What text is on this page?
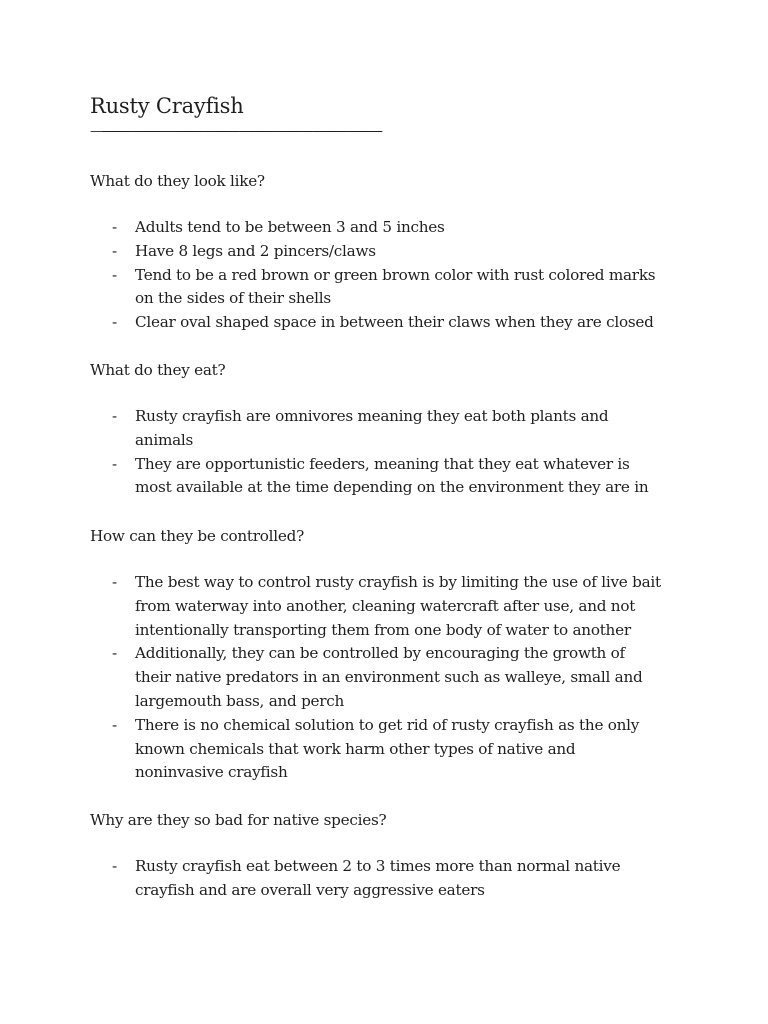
Rusty Crayfish
—--------------------------------------------------------------------------------------------
What do they look like?
- Adults tend to be between 3 and 5 inches
- Have 8 legs and 2 pincers/claws
- Tend to be a red brown or green brown color with rust colored marks
on the sides of their shells
- Clear oval shaped space in between their claws when they are closed
What do they eat?
- Rusty crayfish are omnivores meaning they eat both plants and
animals
- They are opportunistic feeders, meaning that they eat whatever is
most available at the time depending on the environment they are in
How can they be controlled?
- The best way to control rusty crayfish is by limiting the use of live bait
from waterway into another, cleaning watercraft after use, and not
intentionally transporting them from one body of water to another
- Additionally, they can be controlled by encouraging the growth of
their native predators in an environment such as walleye, small and
largemouth bass, and perch
- There is no chemical solution to get rid of rusty crayfish as the only
known chemicals that work harm other types of native and
noninvasive crayfish
Why are they so bad for native species?
- Rusty crayfish eat between 2 to 3 times more than normal native
crayfish and are overall very aggressive eaters
